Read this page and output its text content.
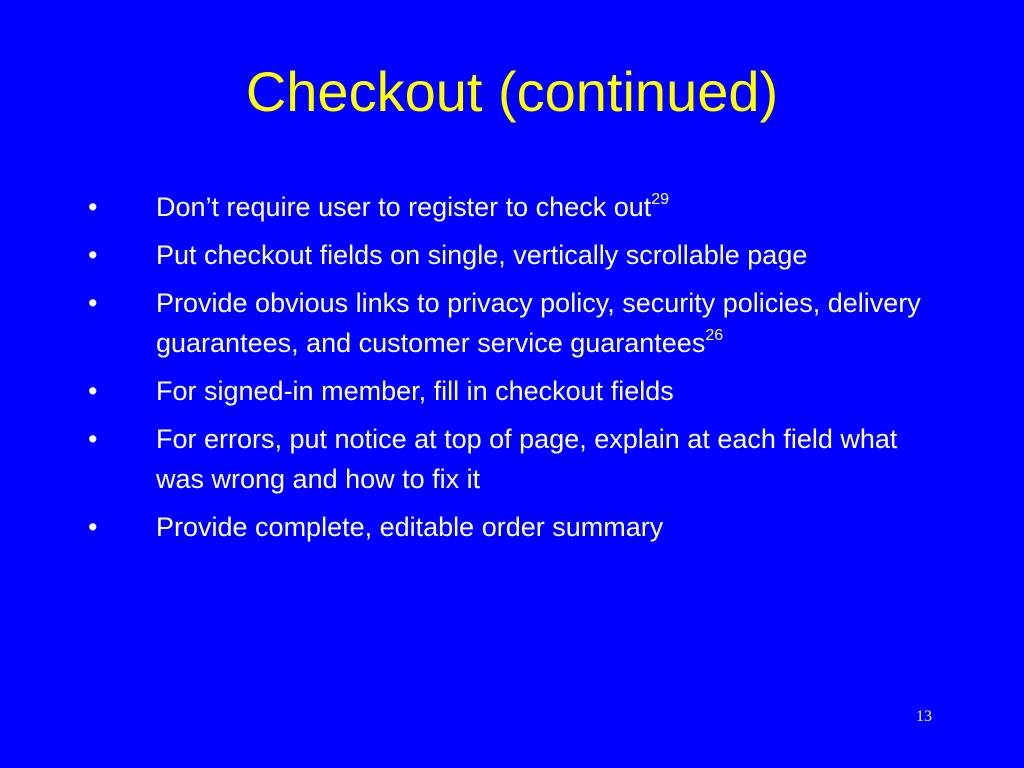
Checkout (continued)
•	Don’t require user to register to check out$^{29}$
•	Put checkout fields on single, vertically scrollable page
•	Provide obvious links to privacy policy, security policies, delivery guarantees, and customer service guarantees$^{26}$
•	For signed-in member, fill in checkout fields
•	For errors, put notice at top of page, explain at each field what was wrong and how to fix it
•	Provide complete, editable order summary
13
